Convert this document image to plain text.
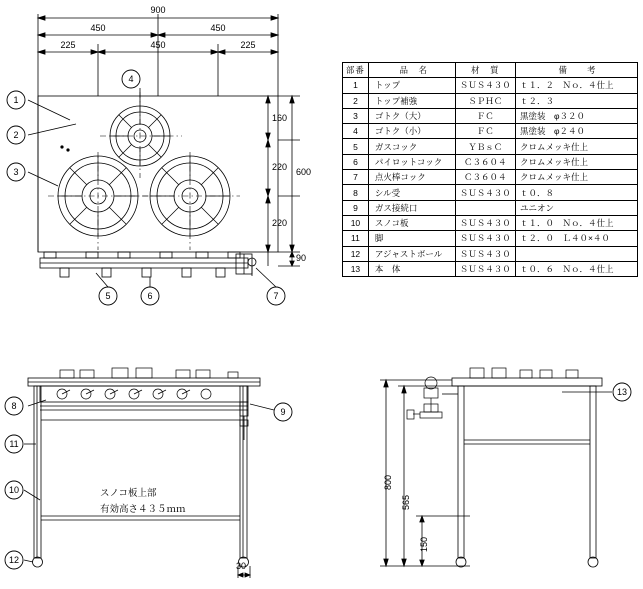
1
2
3
4
5	6	7
8
9
10
11
12
13
900
450	450
225	450	225
160
220
220
600
90
スノコ板上部
有効高さ４３５ｍｍ
30
800
565
150
部番	品　名	材　質	備　　考
1	トップ	ＳＵＳ４３０	ｔ１．２　Ｎｏ．４仕上
2	トップ補強	ＳＰＨＣ	ｔ２．３
3	ゴトク（大）	ＦＣ	黒塗装　φ３２０
4	ゴトク（小）	ＦＣ	黒塗装　φ２４０
5	ガスコック	ＹＢｓＣ	クロムメッキ仕上
6	パイロットコック	Ｃ３６０４	クロムメッキ仕上
7	点火棒コック	Ｃ３６０４	クロムメッキ仕上
8	シル受	ＳＵＳ４３０	ｔ０．８
9	ガス接続口		ユニオン
10	スノコ板	ＳＵＳ４３０	ｔ１．０　Ｎｏ．４仕上
11	脚	ＳＵＳ４３０	ｔ２．０　Ｌ４０×４０
12	アジャストボール	ＳＵＳ４３０	
13	本　体	ＳＵＳ４３０	ｔ０．６　Ｎｏ．４仕上
